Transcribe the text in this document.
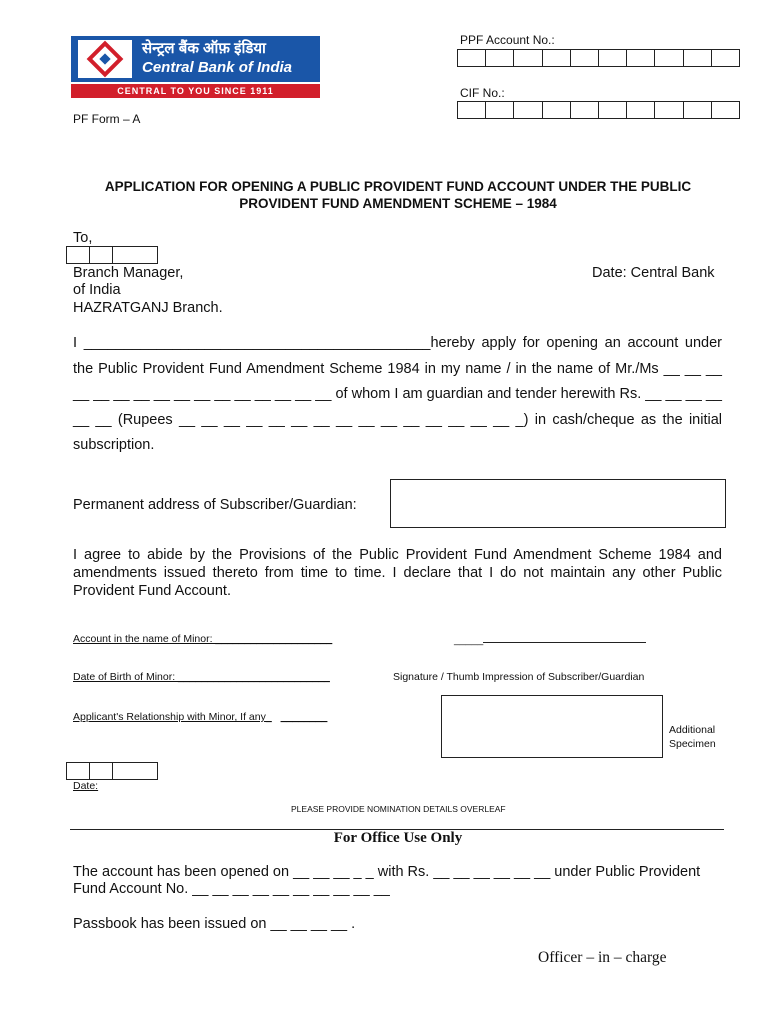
सेन्ट्रल बैंक ऑफ़ इंडिया
Central Bank of India
CENTRAL TO YOU SINCE 1911
PF Form – A
PPF Account No.:
CIF No.:
APPLICATION FOR OPENING A PUBLIC PROVIDENT FUND ACCOUNT UNDER THE PUBLIC PROVIDENT FUND AMENDMENT SCHEME – 1984
To,
Branch Manager,
of India
HAZRATGANJ Branch.
Date: Central Bank
I ___________________________________________hereby apply for opening an account under the Public Provident Fund Amendment Scheme 1984 in my name / in the name of Mr./Ms __ __ __ __ __ __ __ __ __ __ __ __ __ __ __ __ of whom I am guardian and tender herewith Rs. __ __ __ __ __ __ (Rupees __ __ __ __ __ __ __ __ __ __ __ __ __ __ __ _) in cash/cheque as the initial subscription.
Permanent address of Subscriber/Guardian:
I agree to abide by the Provisions of the Public Provident Fund Amendment Scheme 1984 and amendments issued thereto from time to time. I declare that I do not maintain any other Public Provident Fund Account.
Account in the name of Minor: ____________________	_____
Date of Birth of Minor: __________________________	Signature / Thumb Impression of Subscriber/Guardian
Applicant's Relationship with Minor, If any_ ________
Additional Specimen
Date:
PLEASE PROVIDE NOMINATION DETAILS OVERLEAF
For Office Use Only
The account has been opened on __ __ __ _ _ with Rs. __ __ __ __ __ __ under Public Provident Fund Account No. __ __ __ __ __ __ __ __ __ __
Passbook has been issued on __ __ __ __ .
Officer – in – charge
